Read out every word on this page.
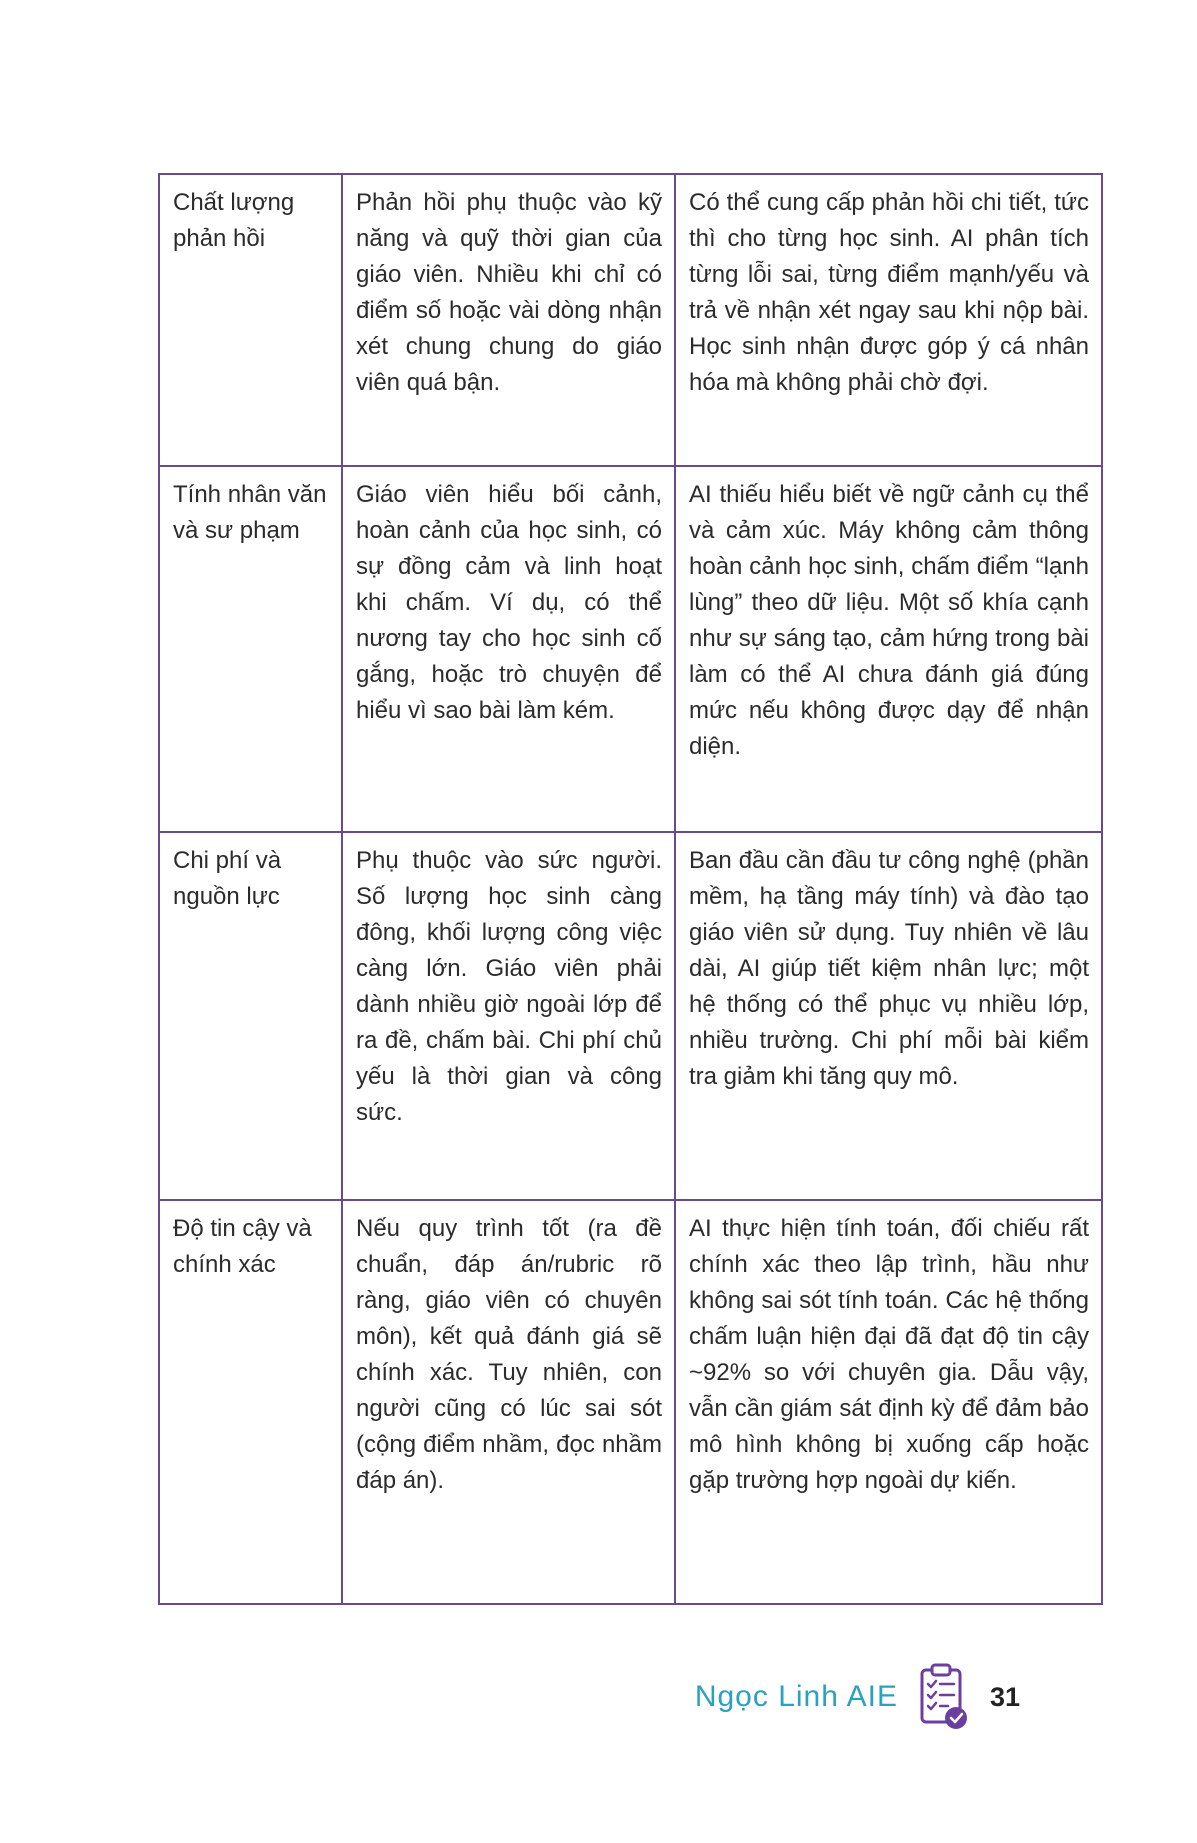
Chất lượng phản hồi	Phản hồi phụ thuộc vào kỹ năng và quỹ thời gian của giáo viên. Nhiều khi chỉ có điểm số hoặc vài dòng nhận xét chung chung do giáo viên quá bận.	Có thể cung cấp phản hồi chi tiết, tức thì cho từng học sinh. AI phân tích từng lỗi sai, từng điểm mạnh/yếu và trả về nhận xét ngay sau khi nộp bài. Học sinh nhận được góp ý cá nhân hóa mà không phải chờ đợi.
Tính nhân văn và sư phạm	Giáo viên hiểu bối cảnh, hoàn cảnh của học sinh, có sự đồng cảm và linh hoạt khi chấm. Ví dụ, có thể nương tay cho học sinh cố gắng, hoặc trò chuyện để hiểu vì sao bài làm kém.	AI thiếu hiểu biết về ngữ cảnh cụ thể và cảm xúc. Máy không cảm thông hoàn cảnh học sinh, chấm điểm “lạnh lùng” theo dữ liệu. Một số khía cạnh như sự sáng tạo, cảm hứng trong bài làm có thể AI chưa đánh giá đúng mức nếu không được dạy để nhận diện.
Chi phí và nguồn lực	Phụ thuộc vào sức người. Số lượng học sinh càng đông, khối lượng công việc càng lớn. Giáo viên phải dành nhiều giờ ngoài lớp để ra đề, chấm bài. Chi phí chủ yếu là thời gian và công sức.	Ban đầu cần đầu tư công nghệ (phần mềm, hạ tầng máy tính) và đào tạo giáo viên sử dụng. Tuy nhiên về lâu dài, AI giúp tiết kiệm nhân lực; một hệ thống có thể phục vụ nhiều lớp, nhiều trường. Chi phí mỗi bài kiểm tra giảm khi tăng quy mô.
Độ tin cậy và chính xác	Nếu quy trình tốt (ra đề chuẩn, đáp án/rubric rõ ràng, giáo viên có chuyên môn), kết quả đánh giá sẽ chính xác. Tuy nhiên, con người cũng có lúc sai sót (cộng điểm nhầm, đọc nhầm đáp án).	AI thực hiện tính toán, đối chiếu rất chính xác theo lập trình, hầu như không sai sót tính toán. Các hệ thống chấm luận hiện đại đã đạt độ tin cậy ~92% so với chuyên gia. Dẫu vậy, vẫn cần giám sát định kỳ để đảm bảo mô hình không bị xuống cấp hoặc gặp trường hợp ngoài dự kiến.
Ngọc Linh AIE	31
